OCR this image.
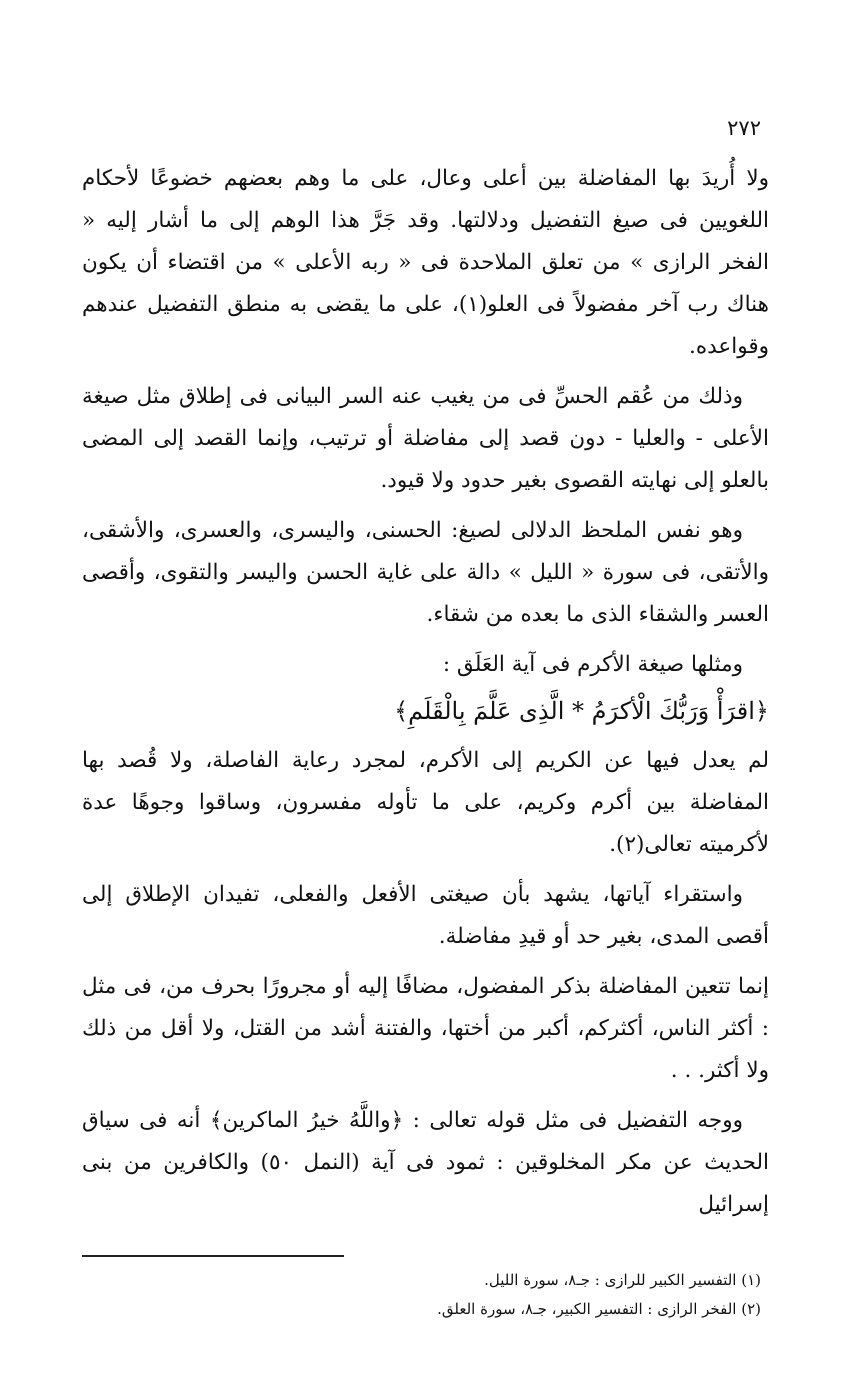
٢٧٢

ولا أُريدَ بها المفاضلة بين أعلى وعال، على ما وهم بعضهم خضوعًا لأحكام اللغويين فى صيغ التفضيل ودلالتها. وقد جَرَّ هذا الوهم إلى ما أشار إليه « الفخر الرازى » من تعلق الملاحدة فى « ربه الأعلى » من اقتضاء أن يكون هناك رب آخر مفضولاً فى العلو(١)، على ما يقضى به منطق التفضيل عندهم وقواعده.

وذلك من عُقم الحسِّ فى من يغيب عنه السر البيانى فى إطلاق مثل صيغة الأعلى - والعليا - دون قصد إلى مفاضلة أو ترتيب، وإنما القصد إلى المضى بالعلو إلى نهايته القصوى بغير حدود ولا قيود.

وهو نفس الملحظ الدلالى لصيغ: الحسنى، واليسرى، والعسرى، والأشقى، والأتقى، فى سورة « الليل » دالة على غاية الحسن واليسر والتقوى، وأقصى العسر والشقاء الذى ما بعده من شقاء.

ومثلها صيغة الأكرم فى آية العَلَق :

﴿اقرَأْ وَرَبُّكَ الْأكرَمُ * الَّذِى عَلَّمَ بِالْقَلَمِ﴾

لم يعدل فيها عن الكريم إلى الأكرم، لمجرد رعاية الفاصلة، ولا قُصد بها المفاضلة بين أكرم وكريم، على ما تأوله مفسرون، وساقوا وجوهًا عدة لأكرميته تعالى(٢).

واستقراء آياتها، يشهد بأن صيغتى الأفعل والفعلى، تفيدان الإطلاق إلى أقصى المدى، بغير حد أو قيدِ مفاضلة.

إنما تتعين المفاضلة بذكر المفضول، مضافًا إليه أو مجرورًا بحرف من، فى مثل : أكثر الناس، أكثركم، أكبر من أختها، والفتنة أشد من القتل، ولا أقل من ذلك ولا أكثر. . .

ووجه التفضيل فى مثل قوله تعالى : ﴿واللَّهُ خيرُ الماكرين﴾ أنه فى سياق الحديث عن مكر المخلوقين : ثمود فى آية (النمل ٥٠) والكافرين من بنى إسرائيل

(١) التفسير الكبير للرازى : جـ٨، سورة الليل.

(٢) الفخر الرازى : التفسير الكبير، جـ٨، سورة العلق.
